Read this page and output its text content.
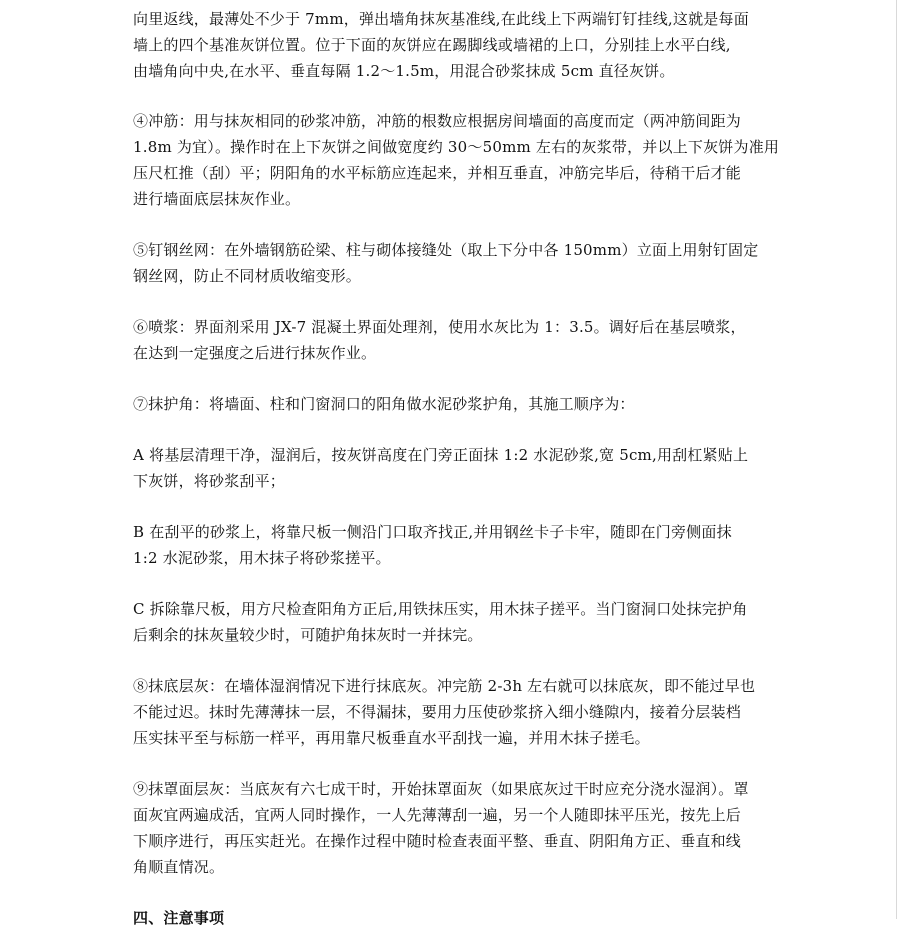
向里返线，最薄处不少于 7mm，弹出墙角抹灰基准线,在此线上下两端钉钉挂线,这就是每面
墙上的四个基准灰饼位置。位于下面的灰饼应在踢脚线或墙裙的上口，分别挂上水平白线,
由墙角向中央,在水平、垂直每隔 1.2～1.5m，用混合砂浆抹成 5cm 直径灰饼。

④冲筋：用与抹灰相同的砂浆冲筋，冲筋的根数应根据房间墙面的高度而定（两冲筋间距为
1.8m 为宜）。操作时在上下灰饼之间做宽度约 30～50mm 左右的灰浆带，并以上下灰饼为准用
压尺杠推（刮）平；阴阳角的水平标筋应连起来，并相互垂直，冲筋完毕后，待稍干后才能
进行墙面底层抹灰作业。

⑤钉钢丝网：在外墙钢筋砼梁、柱与砌体接缝处（取上下分中各 150mm）立面上用射钉固定
钢丝网，防止不同材质收缩变形。

⑥喷浆：界面剂采用 JX-7 混凝土界面处理剂，使用水灰比为 1：3.5。调好后在基层喷浆，
在达到一定强度之后进行抹灰作业。

⑦抹护角：将墙面、柱和门窗洞口的阳角做水泥砂浆护角，其施工顺序为：

A 将基层清理干净，湿润后，按灰饼高度在门旁正面抹 1:2 水泥砂浆,宽 5cm,用刮杠紧贴上
下灰饼，将砂浆刮平；

B 在刮平的砂浆上，将靠尺板一侧沿门口取齐找正,并用钢丝卡子卡牢，随即在门旁侧面抹
1:2 水泥砂浆，用木抹子将砂浆搓平。

C 拆除靠尺板，用方尺检查阳角方正后,用铁抹压实，用木抹子搓平。当门窗洞口处抹完护角
后剩余的抹灰量较少时，可随护角抹灰时一并抹完。

⑧抹底层灰：在墙体湿润情况下进行抹底灰。冲完筋 2-3h 左右就可以抹底灰，即不能过早也
不能过迟。抹时先薄薄抹一层，不得漏抹，要用力压使砂浆挤入细小缝隙内，接着分层装档
压实抹平至与标筋一样平，再用靠尺板垂直水平刮找一遍，并用木抹子搓毛。

⑨抹罩面层灰：当底灰有六七成干时，开始抹罩面灰（如果底灰过干时应充分浇水湿润）。罩
面灰宜两遍成活，宜两人同时操作，一人先薄薄刮一遍，另一个人随即抹平压光，按先上后
下顺序进行，再压实赶光。在操作过程中随时检查表面平整、垂直、阴阳角方正、垂直和线
角顺直情况。

四、注意事项
